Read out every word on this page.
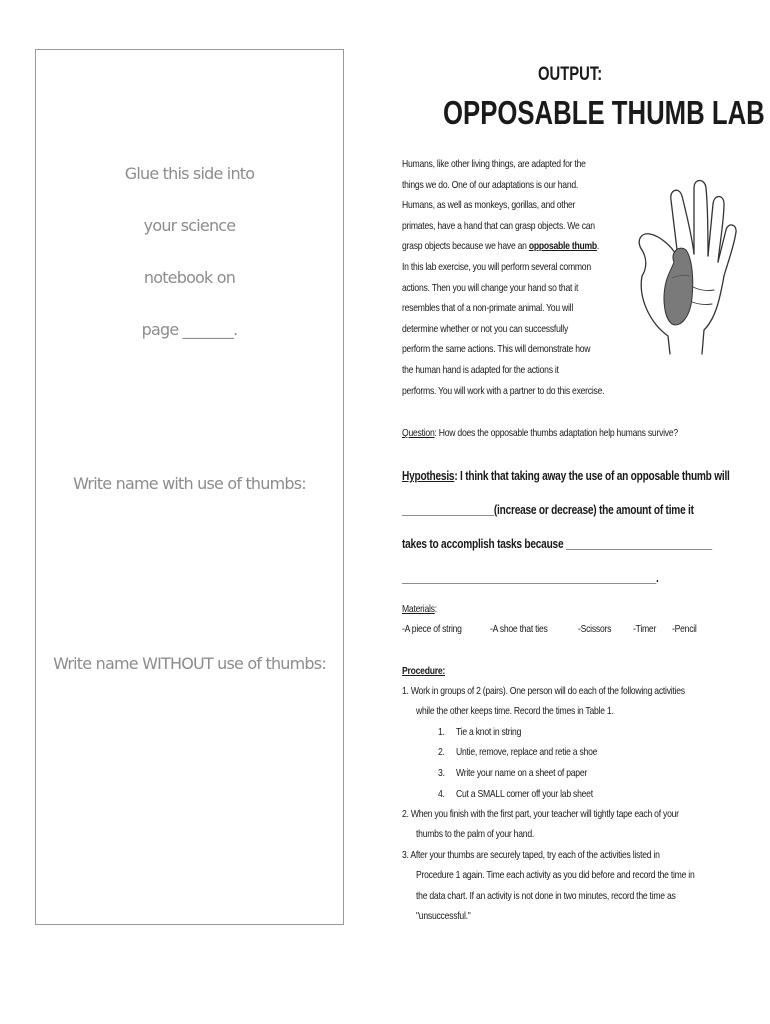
Glue this side into
your science
notebook on
page _______.
Write name with use of thumbs:
Write name WITHOUT use of thumbs:
OUTPUT:
OPPOSABLE THUMB LAB
Humans, like other living things, are adapted for the
things we do. One of our adaptations is our hand.
Humans, as well as monkeys, gorillas, and other
primates, have a hand that can grasp objects. We can
grasp objects because we have an opposable thumb.
In this lab exercise, you will perform several common
actions. Then you will change your hand so that it
resembles that of a non-primate animal. You will
determine whether or not you can successfully
perform the same actions. This will demonstrate how
the human hand is adapted for the actions it
performs. You will work with a partner to do this exercise.
Question: How does the opposable thumbs adaptation help humans survive?
Hypothesis: I think that taking away the use of an opposable thumb will
_________________(increase or decrease) the amount of time it
takes to accomplish tasks because ___________________________
_______________________________________________.
Materials:
-A piece of string	-A shoe that ties	-Scissors -Timer -Pencil
Procedure:
1. Work in groups of 2 (pairs). One person will do each of the following activities
while the other keeps time. Record the times in Table 1.
1. Tie a knot in string
2. Untie, remove, replace and retie a shoe
3. Write your name on a sheet of paper
4. Cut a SMALL corner off your lab sheet
2. When you finish with the first part, your teacher will tightly tape each of your
thumbs to the palm of your hand.
3. After your thumbs are securely taped, try each of the activities listed in
Procedure 1 again. Time each activity as you did before and record the time in
the data chart. If an activity is not done in two minutes, record the time as
"unsuccessful."
